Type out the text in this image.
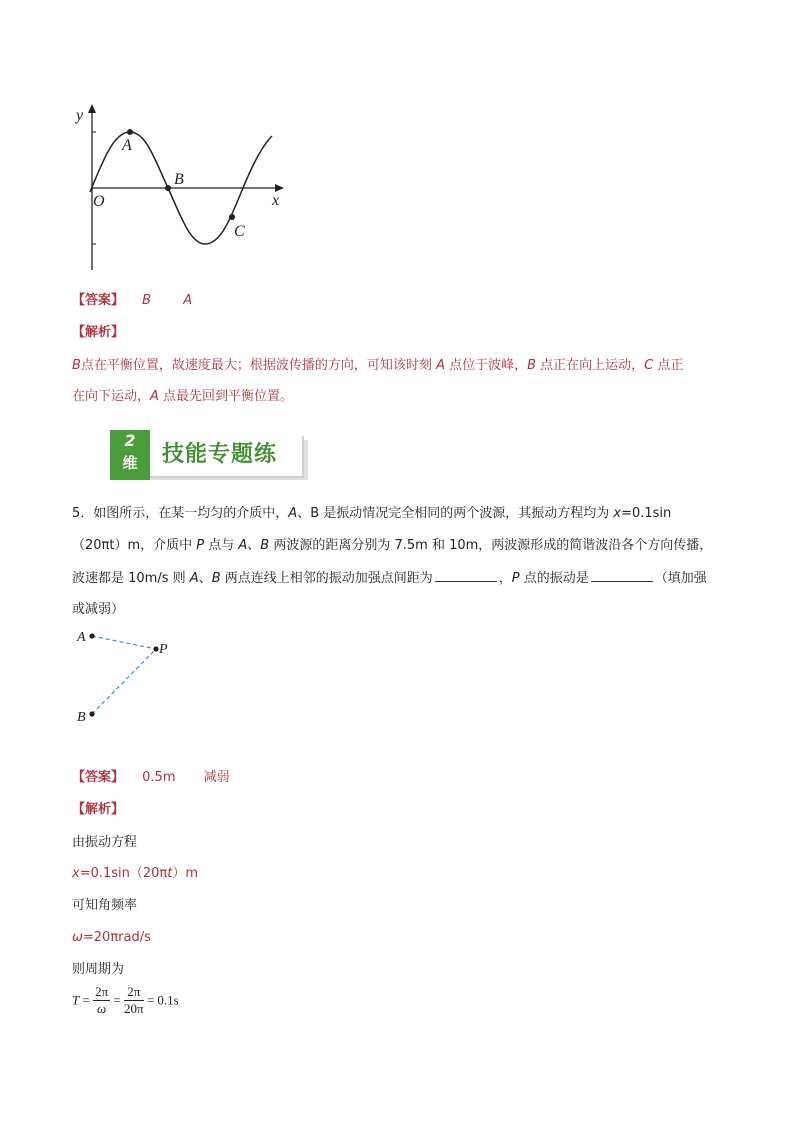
y
x
O
A
B
C
【答案】 B A
【解析】
B点在平衡位置，故速度最大；根据波传播的方向，可知该时刻 A 点位于波峰，B 点正在向上运动，C 点正
在向下运动，A 点最先回到平衡位置。
2
维	技能专题练
5．如图所示，在某一均匀的介质中，A、B 是振动情况完全相同的两个波源，其振动方程均为 x=0.1sin
（20πt）m，介质中 P 点与 A、B 两波源的距离分别为 7.5m 和 10m，两波源形成的简谐波沿各个方向传播，
波速都是 10m/s 则 A、B 两点连线上相邻的振动加强点间距为	，P 点的振动是	（填加强
或减弱）
A
B
P
【答案】 0.5m 减弱
【解析】
由振动方程
x=0.1sin（20πt）m
可知角频率
ω=20πrad/s
则周期为
$T = \frac{2\pi}{\omega} = \frac{2\pi}{20\pi} = 0.1s$
